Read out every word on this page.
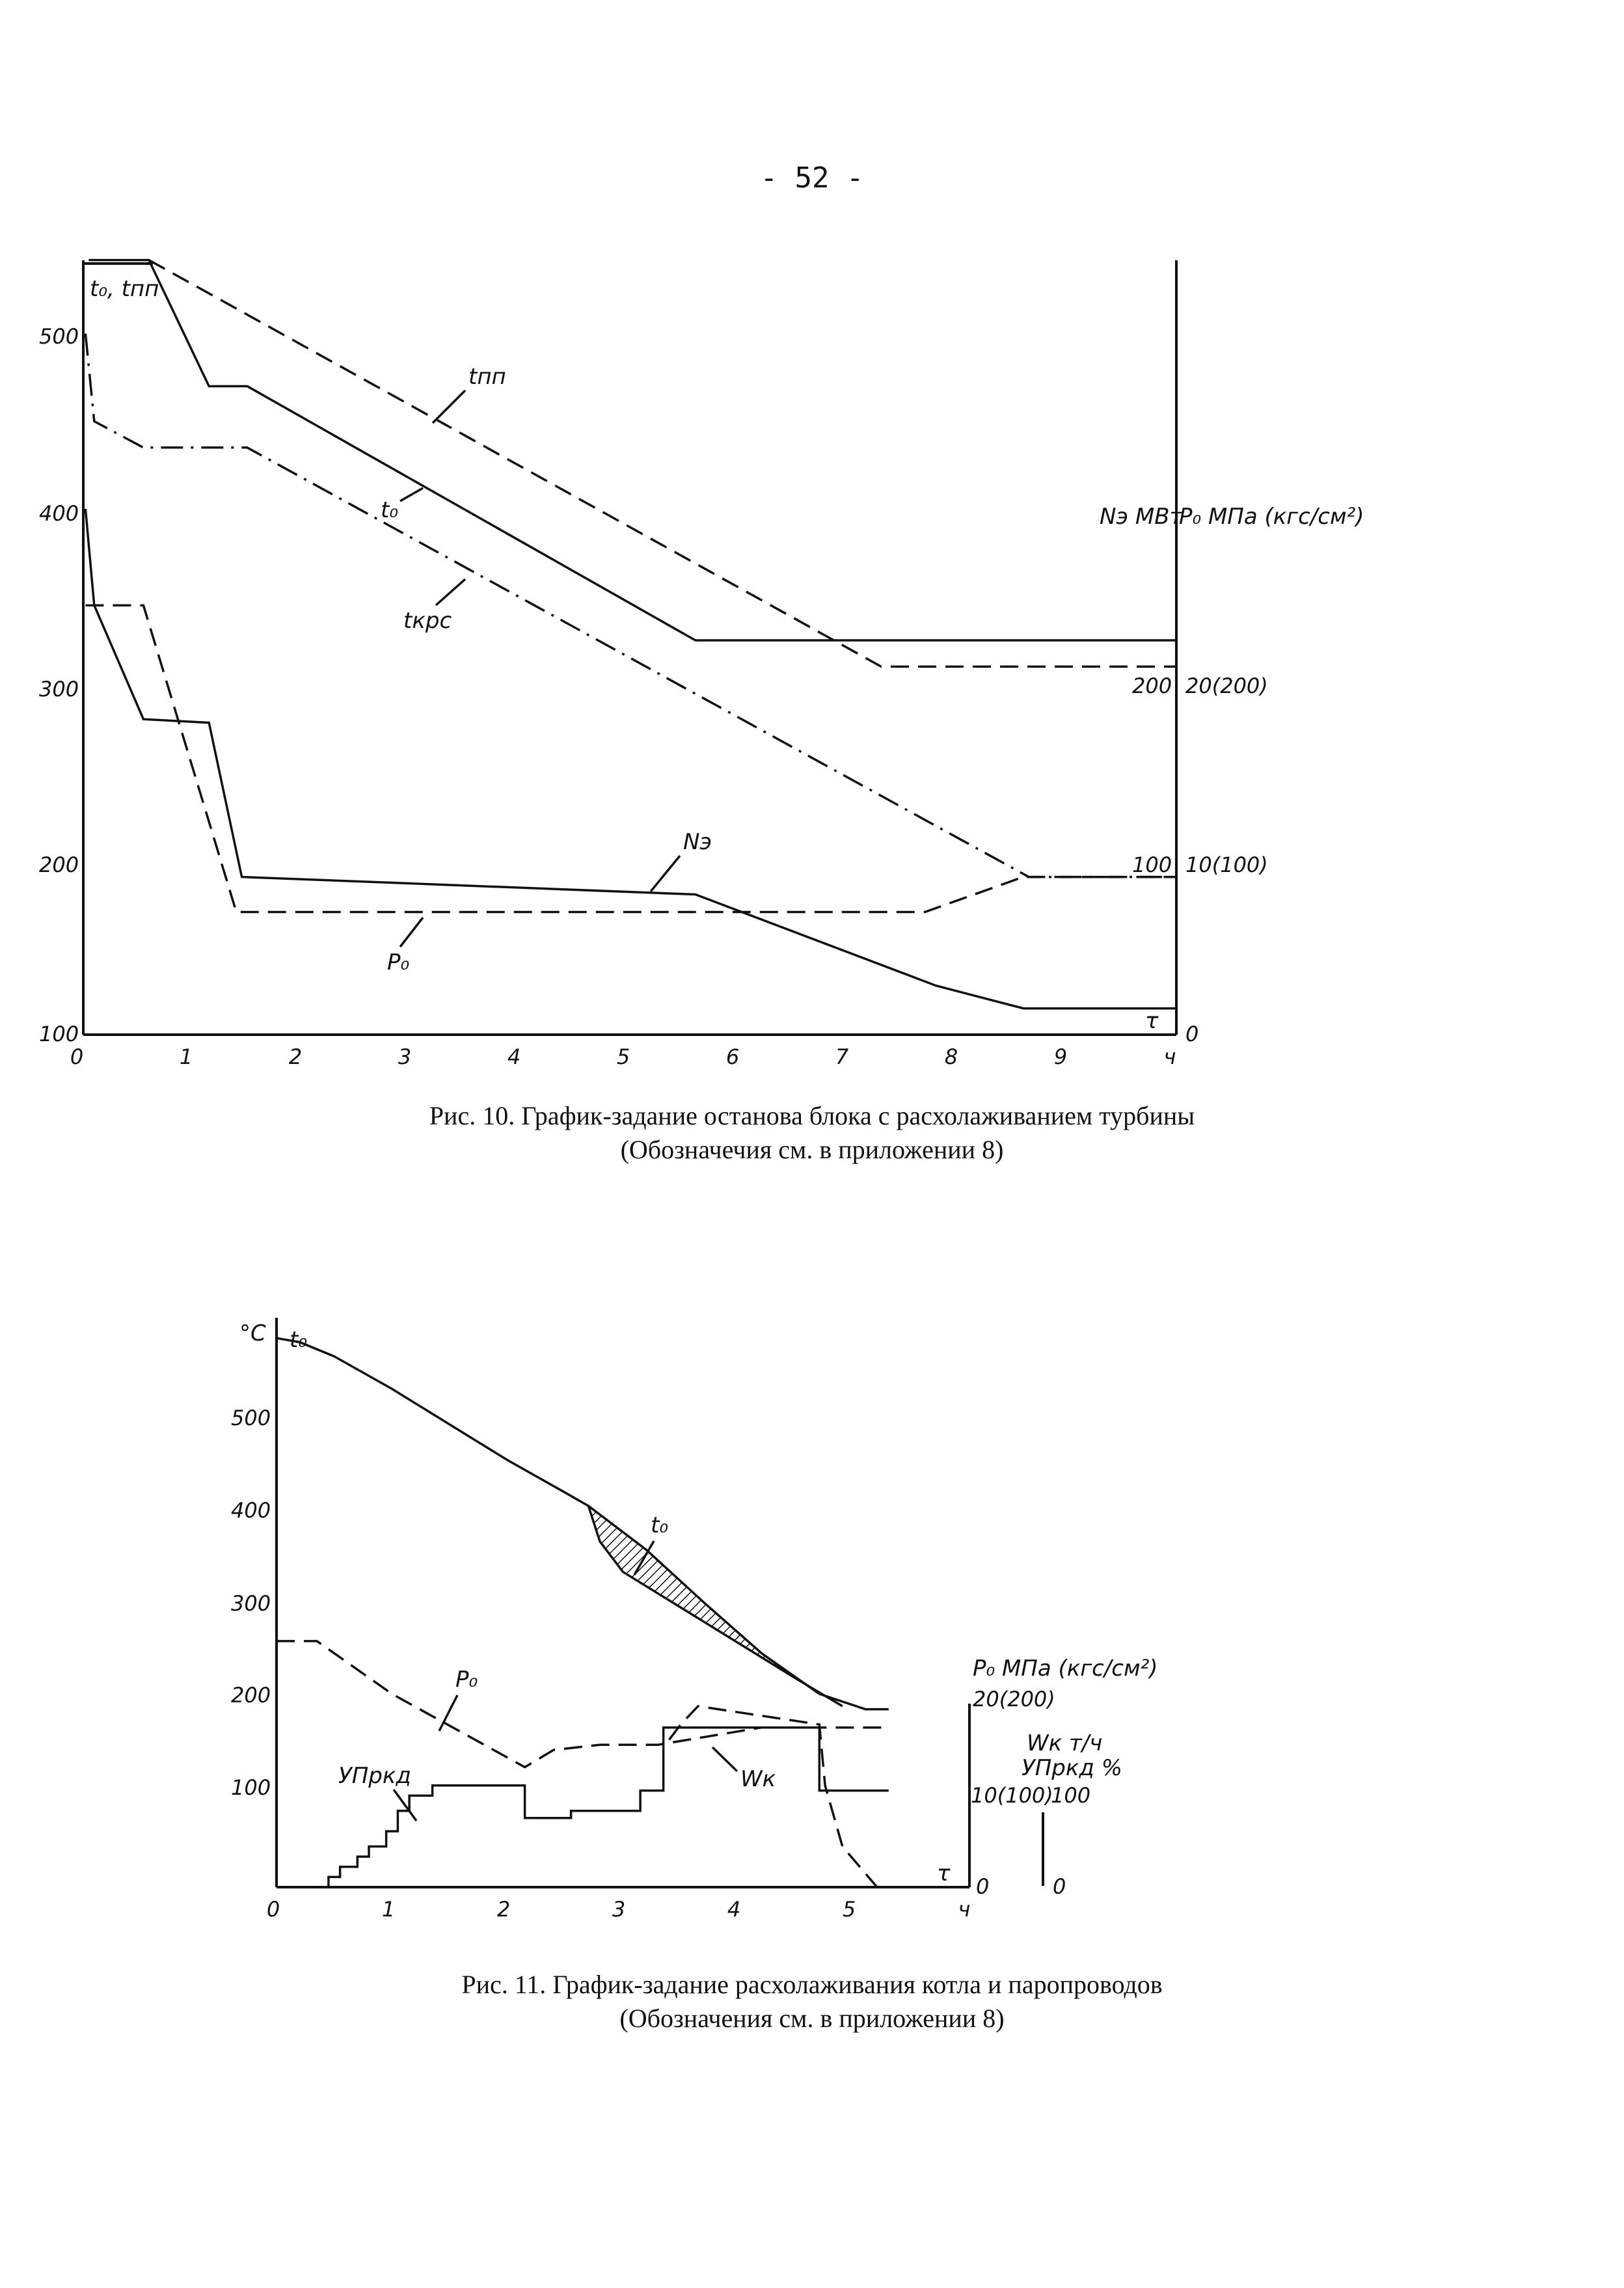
- 52 -
500
400
300
200
100
200
100
20(200)
10(100)
0
Nэ МВт
P₀ МПа (кгс/см²)
t₀, tпп
τ
0	1	2	3	4	5	6	7	8	9	ч
tпп
t₀
tкрс
Nэ
P₀
Рис. 10. График-задание останова блока с расхолаживанием турбины
(Обозначечия см. в приложении 8)
°C t₀
500
400
300
200
100
P₀ МПа (кгс/см²)
20(200)
10(100)
0
Wк т/ч
УПркд %
100
0
τ
0	1	2	3	4	5	ч
t₀
P₀
Wк
УПркд
Рис. 11. График-задание расхолаживания котла и паропроводов
(Обозначения см. в приложении 8)
